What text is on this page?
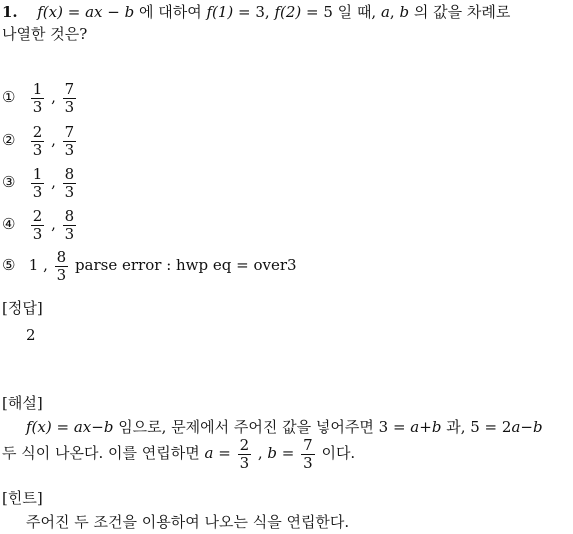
1. f(x) = ax − b 에 대하여 f(1) = 3, f(2) = 5 일 때, a, b 의 값을 차례로
나열한 것은?
① $\frac{1}{3}$ , $\frac{7}{3}$
② $\frac{2}{3}$ , $\frac{7}{3}$
③ $\frac{1}{3}$ , $\frac{8}{3}$
④ $\frac{2}{3}$ , $\frac{8}{3}$
⑤ 1 , $\frac{8}{3}$ parse error : hwp eq = over3
[정답]
2
[해설]
f(x) = ax−b 임으로, 문제에서 주어진 값을 넣어주면 3 = a+b 과, 5 = 2a−b
두 식이 나온다. 이를 연립하면 $a = \frac{2}{3}$ , $b = \frac{7}{3}$ 이다.
[힌트]
주어진 두 조건을 이용하여 나오는 식을 연립한다.
